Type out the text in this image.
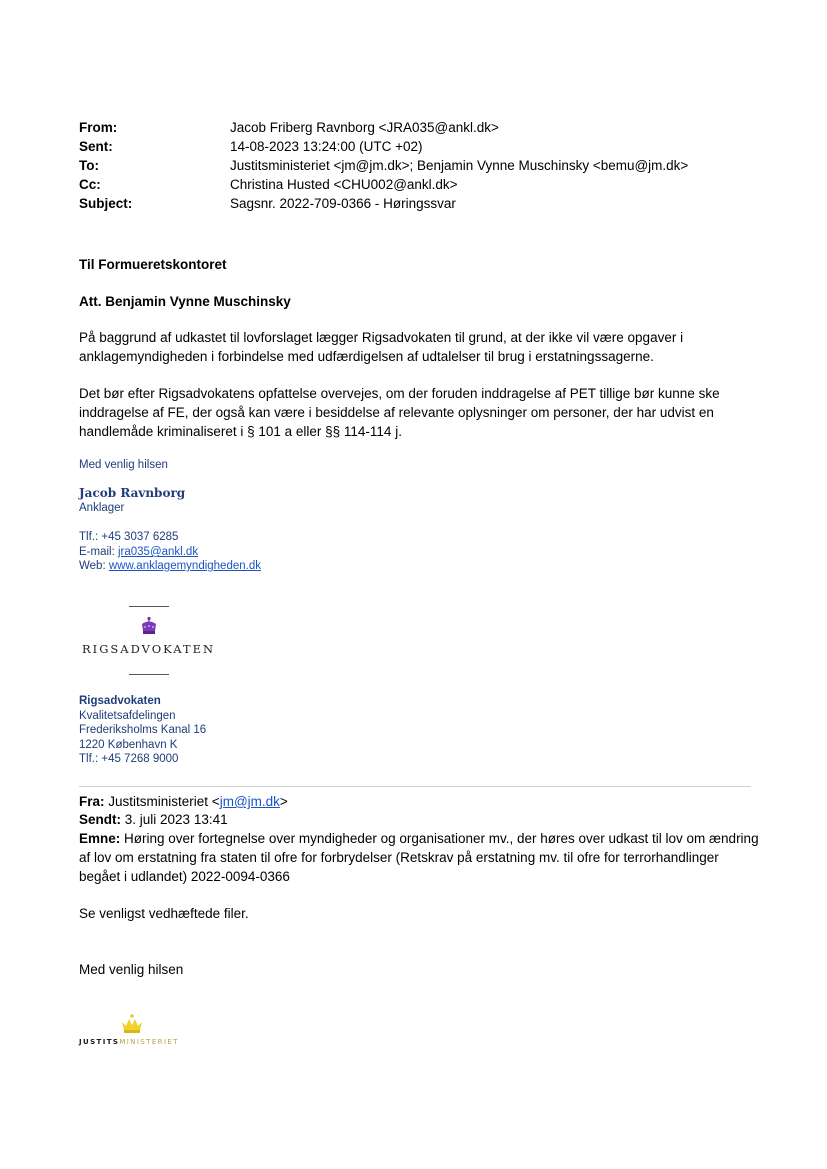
From:	Jacob Friberg Ravnborg <JRA035@ankl.dk>
Sent:	14-08-2023 13:24:00 (UTC +02)
To:	Justitsministeriet <jm@jm.dk>; Benjamin Vynne Muschinsky <bemu@jm.dk>
Cc:	Christina Husted <CHU002@ankl.dk>
Subject:	Sagsnr. 2022-709-0366 - Høringssvar
Til Formueretskontoret
Att. Benjamin Vynne Muschinsky
På baggrund af udkastet til lovforslaget lægger Rigsadvokaten til grund, at der ikke vil være opgaver i anklagemyndigheden i forbindelse med udfærdigelsen af udtalelser til brug i erstatningssagerne.
Det bør efter Rigsadvokatens opfattelse overvejes, om der foruden inddragelse af PET tillige bør kunne ske inddragelse af FE, der også kan være i besiddelse af relevante oplysninger om personer, der har udvist en handlemåde kriminaliseret i § 101 a eller §§ 114-114 j.
Med venlig hilsen
Jacob Ravnborg
Anklager
Tlf.: +45 3037 6285
E-mail: jra035@ankl.dk
Web: www.anklagemyndigheden.dk
RIGSADVOKATEN
Rigsadvokaten
Kvalitetsafdelingen
Frederiksholms Kanal 16
1220 København K
Tlf.: +45 7268 9000
Fra: Justitsministeriet <jm@jm.dk>
Sendt: 3. juli 2023 13:41
Emne: Høring over fortegnelse over myndigheder og organisationer mv., der høres over udkast til lov om ændring af lov om erstatning fra staten til ofre for forbrydelser (Retskrav på erstatning mv. til ofre for terrorhandlinger begået i udlandet) 2022-0094-0366
Se venligst vedhæftede filer.
Med venlig hilsen
JUSTITSMINISTERIET
